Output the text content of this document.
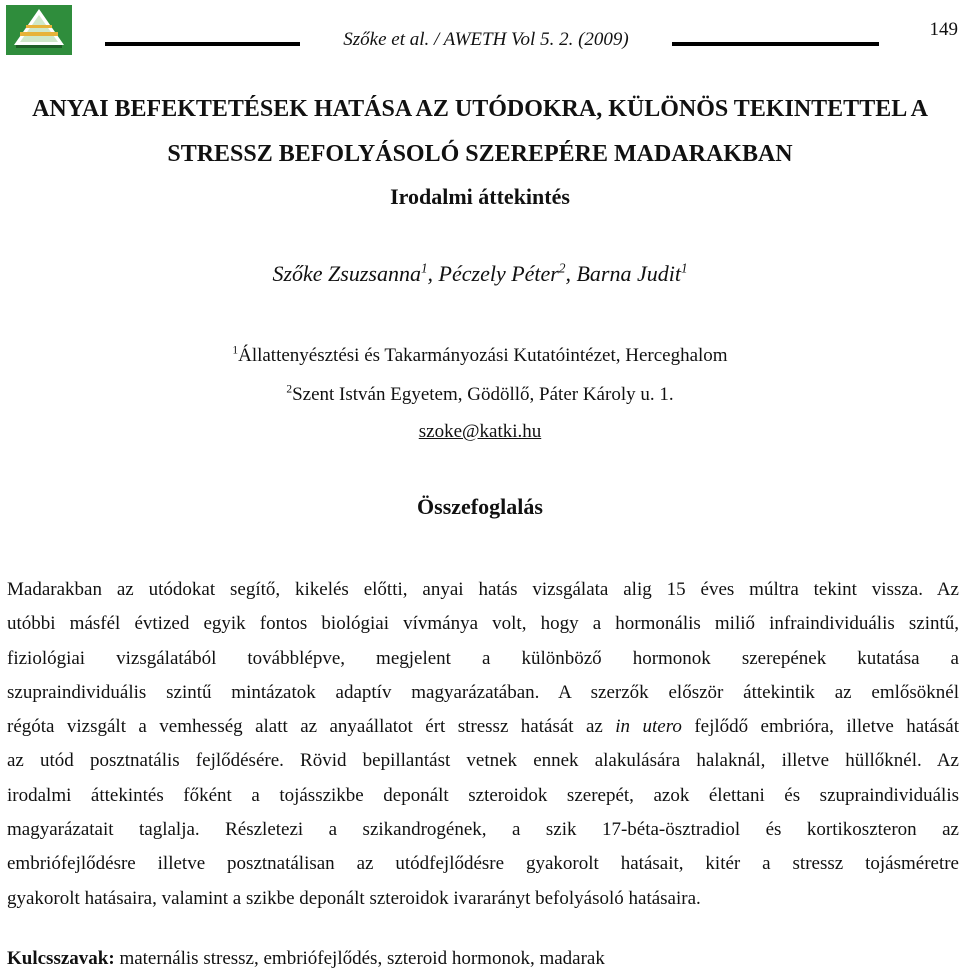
Szőke et al. / AWETH Vol 5. 2. (2009)	149
ANYAI BEFEKTETÉSEK HATÁSA AZ UTÓDOKRA, KÜLÖNÖS TEKINTETTEL A
STRESSZ BEFOLYÁSOLÓ SZEREPÉRE MADARAKBAN
Irodalmi áttekintés
Szőke Zsuzsanna$^1$, Péczely Péter$^2$, Barna Judit$^1$
$^1$Állattenyésztési és Takarmányozási Kutatóintézet, Herceghalom
$^2$Szent István Egyetem, Gödöllő, Páter Károly u. 1.
szoke@katki.hu
Összefoglalás
Madarakban az utódokat segítő, kikelés előtti, anyai hatás vizsgálata alig 15 éves múltra tekint vissza. Az
utóbbi másfél évtized egyik fontos biológiai vívmánya volt, hogy a hormonális miliő infraindividuális szintű,
fiziológiai vizsgálatából továbblépve, megjelent a különböző hormonok szerepének kutatása a
szupraindividuális szintű mintázatok adaptív magyarázatában. A szerzők először áttekintik az emlősöknél
régóta vizsgált a vemhesség alatt az anyaállatot ért stressz hatását az in utero fejlődő embrióra, illetve hatását
az utód posztnatális fejlődésére. Rövid bepillantást vetnek ennek alakulására halaknál, illetve hüllőknél. Az
irodalmi áttekintés főként a tojásszikbe deponált szteroidok szerepét, azok élettani és szupraindividuális
magyarázatait taglalja. Részletezi a szikandrogének, a szik 17-béta-ösztradiol és kortikoszteron az
embriófejlődésre illetve posztnatálisan az utódfejlődésre gyakorolt hatásait, kitér a stressz tojásméretre
gyakorolt hatásaira, valamint a szikbe deponált szteroidok ivararányt befolyásoló hatásaira.
Kulcsszavak: maternális stressz, embriófejlődés, szteroid hormonok, madarak
